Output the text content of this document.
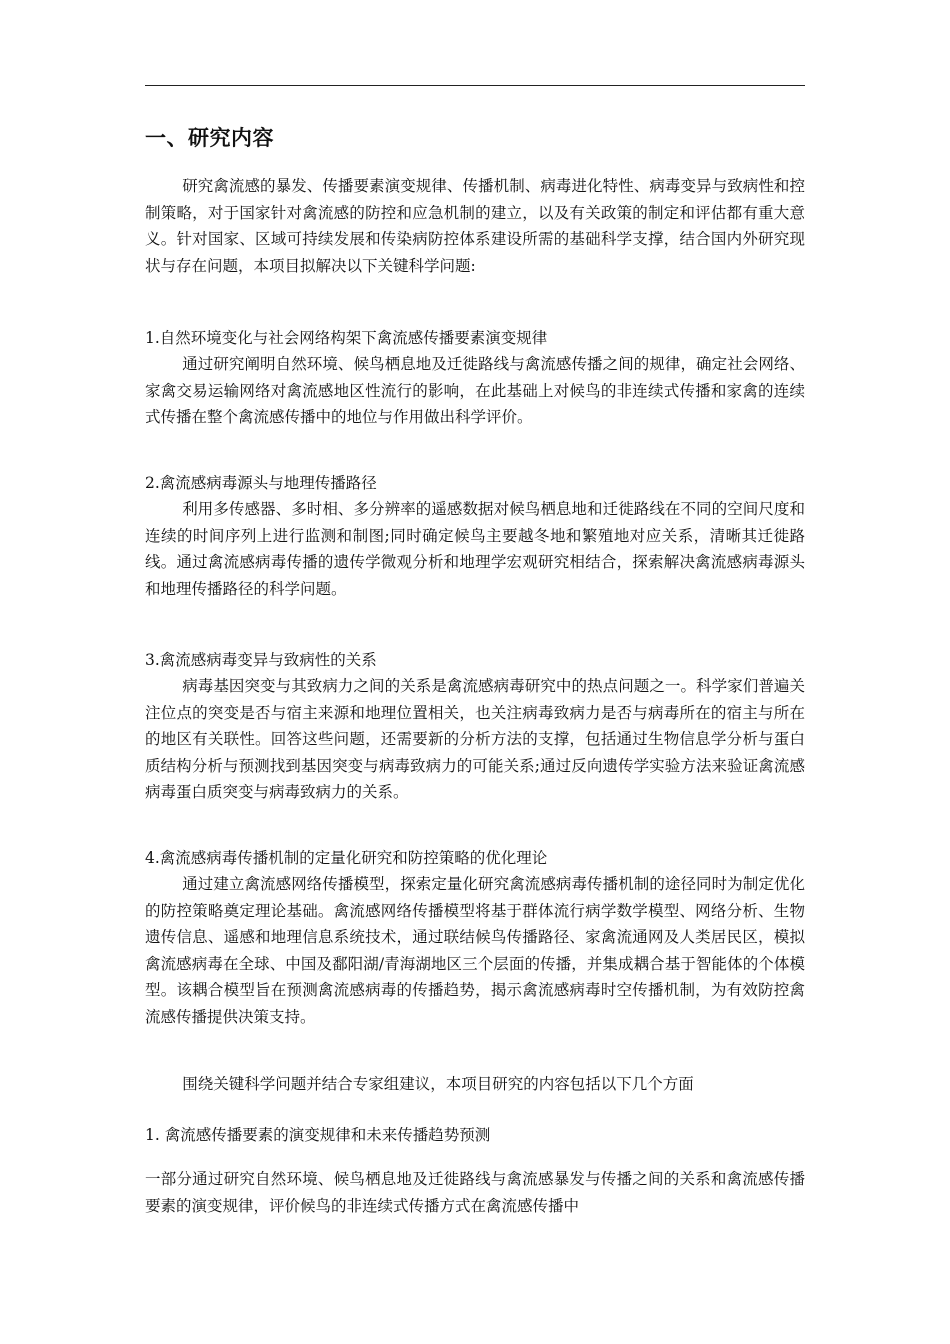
一、研究内容

研究禽流感的暴发、传播要素演变规律、传播机制、病毒进化特性、病毒变异与致病性和控制策略，对于国家针对禽流感的防控和应急机制的建立，以及有关政策的制定和评估都有重大意义。针对国家、区域可持续发展和传染病防控体系建设所需的基础科学支撑，结合国内外研究现状与存在问题，本项目拟解决以下关键科学问题:

1.自然环境变化与社会网络构架下禽流感传播要素演变规律

通过研究阐明自然环境、候鸟栖息地及迁徙路线与禽流感传播之间的规律，确定社会网络、家禽交易运输网络对禽流感地区性流行的影响，在此基础上对候鸟的非连续式传播和家禽的连续式传播在整个禽流感传播中的地位与作用做出科学评价。

2.禽流感病毒源头与地理传播路径

利用多传感器、多时相、多分辨率的遥感数据对候鸟栖息地和迁徙路线在不同的空间尺度和连续的时间序列上进行监测和制图;同时确定候鸟主要越冬地和繁殖地对应关系，清晰其迁徙路线。通过禽流感病毒传播的遗传学微观分析和地理学宏观研究相结合，探索解决禽流感病毒源头和地理传播路径的科学问题。

3.禽流感病毒变异与致病性的关系

病毒基因突变与其致病力之间的关系是禽流感病毒研究中的热点问题之一。科学家们普遍关注位点的突变是否与宿主来源和地理位置相关，也关注病毒致病力是否与病毒所在的宿主与所在的地区有关联性。回答这些问题，还需要新的分析方法的支撑，包括通过生物信息学分析与蛋白质结构分析与预测找到基因突变与病毒致病力的可能关系;通过反向遗传学实验方法来验证禽流感病毒蛋白质突变与病毒致病力的关系。

4.禽流感病毒传播机制的定量化研究和防控策略的优化理论

通过建立禽流感网络传播模型，探索定量化研究禽流感病毒传播机制的途径同时为制定优化的防控策略奠定理论基础。禽流感网络传播模型将基于群体流行病学数学模型、网络分析、生物遗传信息、遥感和地理信息系统技术，通过联结候鸟传播路径、家禽流通网及人类居民区，模拟禽流感病毒在全球、中国及鄱阳湖/青海湖地区三个层面的传播，并集成耦合基于智能体的个体模型。该耦合模型旨在预测禽流感病毒的传播趋势，揭示禽流感病毒时空传播机制，为有效防控禽流感传播提供决策支持。

围绕关键科学问题并结合专家组建议，本项目研究的内容包括以下几个方面

1. 禽流感传播要素的演变规律和未来传播趋势预测

一部分通过研究自然环境、候鸟栖息地及迁徙路线与禽流感暴发与传播之间的关系和禽流感传播要素的演变规律，评价候鸟的非连续式传播方式在禽流感传播中
